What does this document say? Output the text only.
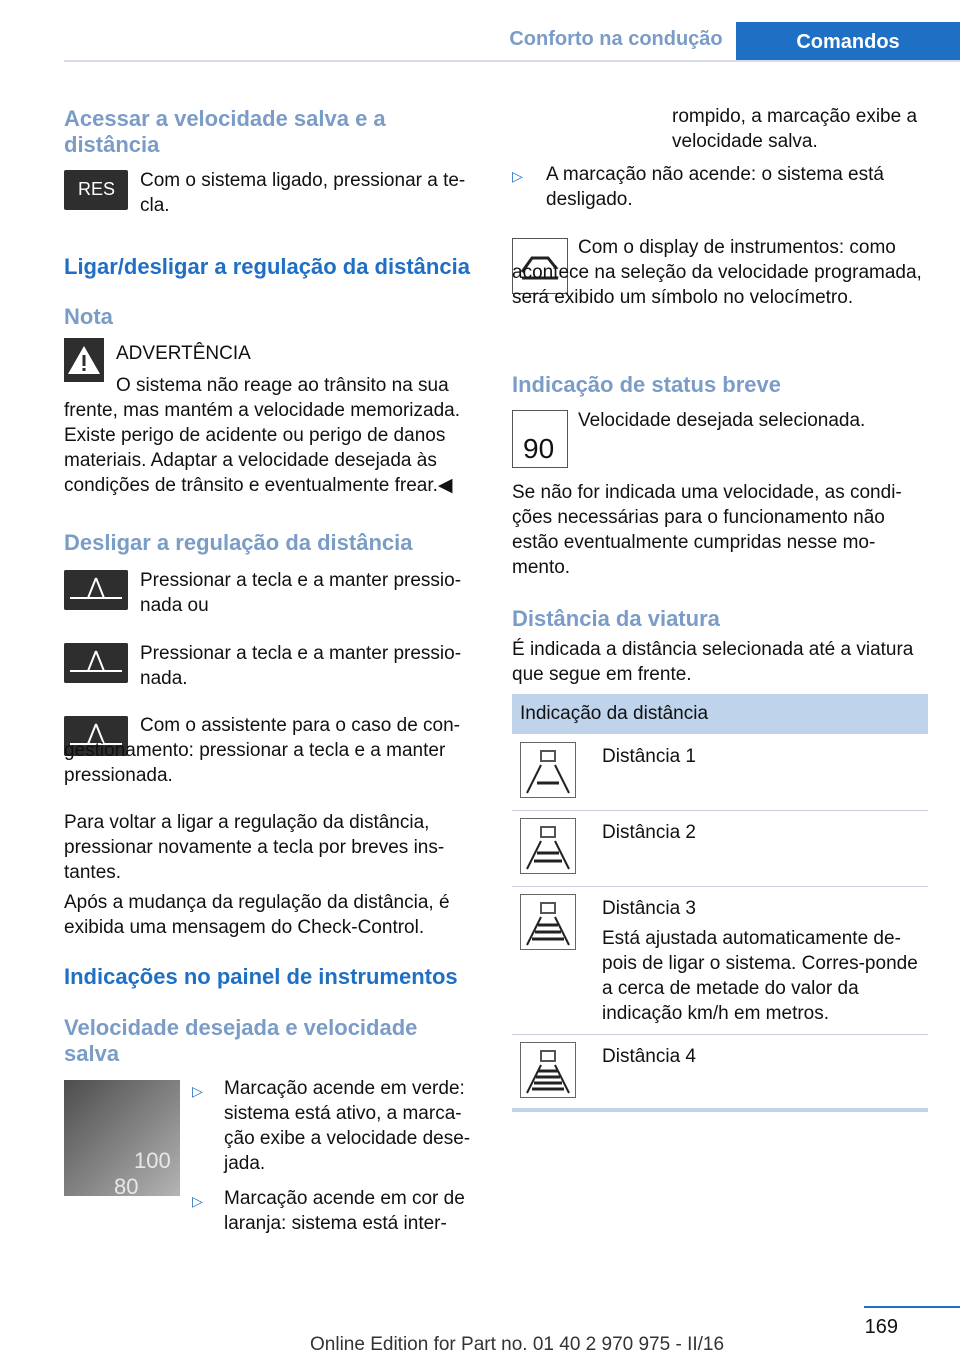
Conforto na condução	Comandos
Acessar a velocidade salva e a distância
RES Com o sistema ligado, pressionar a te-cla.

Ligar/desligar a regulação da distância
Nota

ADVERTÊNCIA

O sistema não reage ao trânsito na sua frente, mas mantém a velocidade memorizada. Existe perigo de acidente ou perigo de danos materiais. Adaptar a velocidade desejada às condições de trânsito e eventualmente frear.◀

Desligar a regulação da distância

Pressionar a tecla e a manter pressio-nada ou

Pressionar a tecla e a manter pressio-nada.

Com o assistente para o caso de con-gestionamento: pressionar a tecla e a manter pressionada.

Para voltar a ligar a regulação da distância, pressionar novamente a tecla por breves ins-tantes.

Após a mudança da regulação da distância, é exibida uma mensagem do Check-Control.

Indicações no painel de instrumentos
Velocidade desejada e velocidade salva
100
80
▷ Marcação acende em verde: sistema está ativo, a marca-ção exibe a velocidade dese-jada.

▷ Marcação acende em cor de laranja: sistema está inter-

rompido, a marcação exibe a velocidade salva.

▷ A marcação não acende: o sistema está desligado.

Com o display de instrumentos: como acontece na seleção da velocidade programada, será exibido um símbolo no velocímetro.

Indicação de status breve
90

Velocidade desejada selecionada.

Se não for indicada uma velocidade, as condi-ções necessárias para o funcionamento não estão eventualmente cumpridas nesse mo-mento.

Distância da viatura

É indicada a distância selecionada até a viatura que segue em frente.

Indicação da distância
Distância 1
Distância 2
Distância 3
Está ajustada automaticamente de-pois de ligar o sistema. Corres-ponde a cerca de metade do valor da indicação km/h em metros.
Distância 4
169
Online Edition for Part no. 01 40 2 970 975 - II/16
